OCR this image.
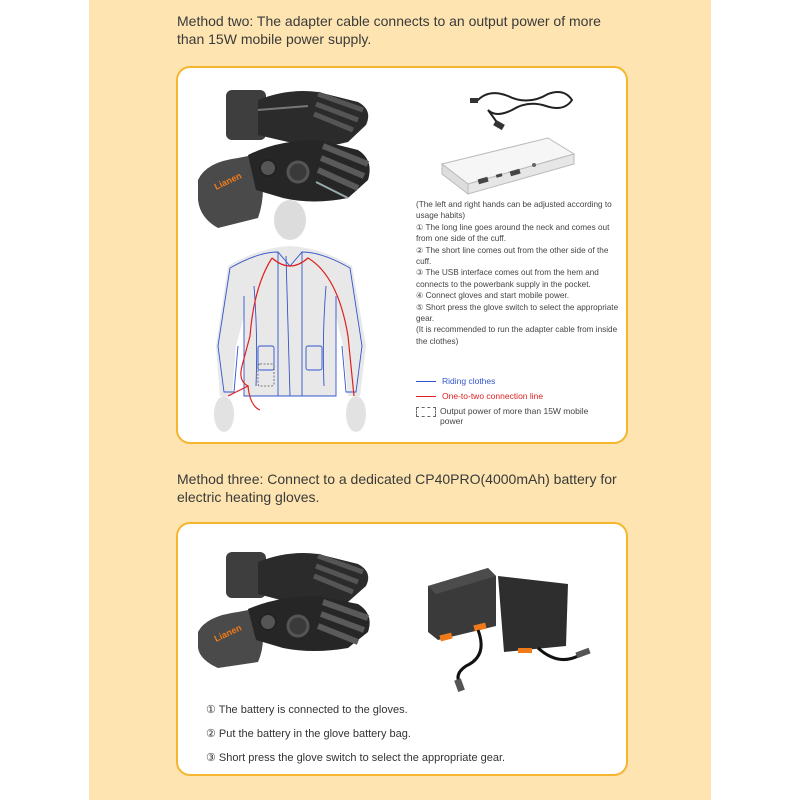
Method two: The adapter cable connects to an output power of more than 15W mobile power supply.

Lianen
(The left and right hands can be adjusted according to usage habits)
① The long line goes around the neck and comes out from one side of the cuff.
② The short line comes out from the other side of the cuff.
③ The USB interface comes out from the hem and connects to the powerbank supply in the pocket.
④ Connect gloves and start mobile power.
⑤ Short press the glove switch to select the appropriate gear.
(It is recommended to run the adapter cable from inside the clothes)
Riding clothes
One-to-two connection line
Output power of more than 15W mobile power

Method three: Connect to a dedicated CP40PRO(4000mAh) battery for electric heating gloves.

Lianen
① The battery is connected to the gloves.
② Put the battery in the glove battery bag.
③ Short press the glove switch to select the appropriate gear.
